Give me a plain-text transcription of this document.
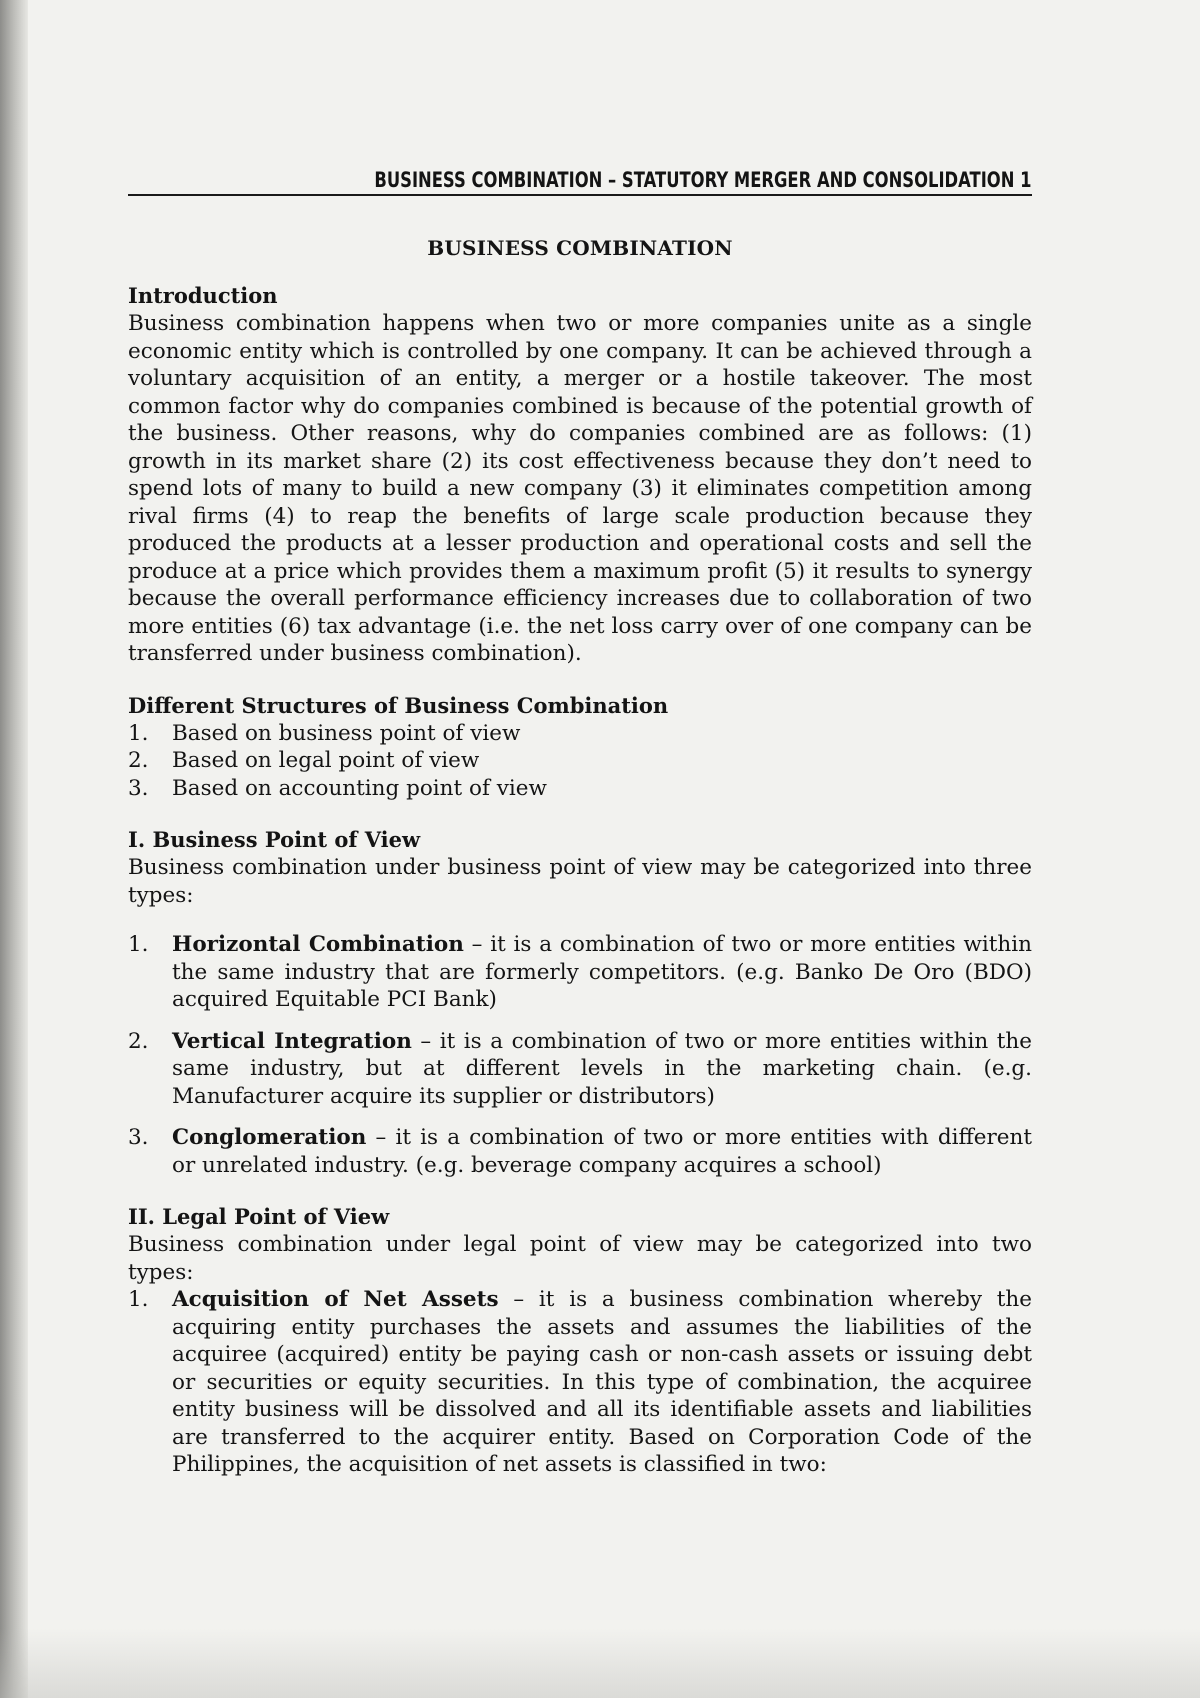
BUSINESS COMBINATION – STATUTORY MERGER AND CONSOLIDATION 1
BUSINESS COMBINATION
Introduction

Business combination happens when two or more companies unite as a single economic entity which is controlled by one company. It can be achieved through a voluntary acquisition of an entity, a merger or a hostile takeover. The most common factor why do companies combined is because of the potential growth of the business. Other reasons, why do companies combined are as follows: (1) growth in its market share (2) its cost effectiveness because they don’t need to spend lots of many to build a new company (3) it eliminates competition among rival firms (4) to reap the benefits of large scale production because they produced the products at a lesser production and operational costs and sell the produce at a price which provides them a maximum profit (5) it results to synergy because the overall performance efficiency increases due to collaboration of two more entities (6) tax advantage (i.e. the net loss carry over of one company can be transferred under business combination).

Different Structures of Business Combination
1.	Based on business point of view
2.	Based on legal point of view
3.	Based on accounting point of view
I. Business Point of View

Business combination under business point of view may be categorized into three types:

1.	Horizontal Combination – it is a combination of two or more entities within the same industry that are formerly competitors. (e.g. Banko De Oro (BDO) acquired Equitable PCI Bank)
2.	Vertical Integration – it is a combination of two or more entities within the same industry, but at different levels in the marketing chain. (e.g. Manufacturer acquire its supplier or distributors)
3.	Conglomeration – it is a combination of two or more entities with different or unrelated industry. (e.g. beverage company acquires a school)
II. Legal Point of View

Business combination under legal point of view may be categorized into two types:

1.	Acquisition of Net Assets – it is a business combination whereby the acquiring entity purchases the assets and assumes the liabilities of the acquiree (acquired) entity be paying cash or non-cash assets or issuing debt or securities or equity securities. In this type of combination, the acquiree entity business will be dissolved and all its identifiable assets and liabilities are transferred to the acquirer entity. Based on Corporation Code of the Philippines, the acquisition of net assets is classified in two:
